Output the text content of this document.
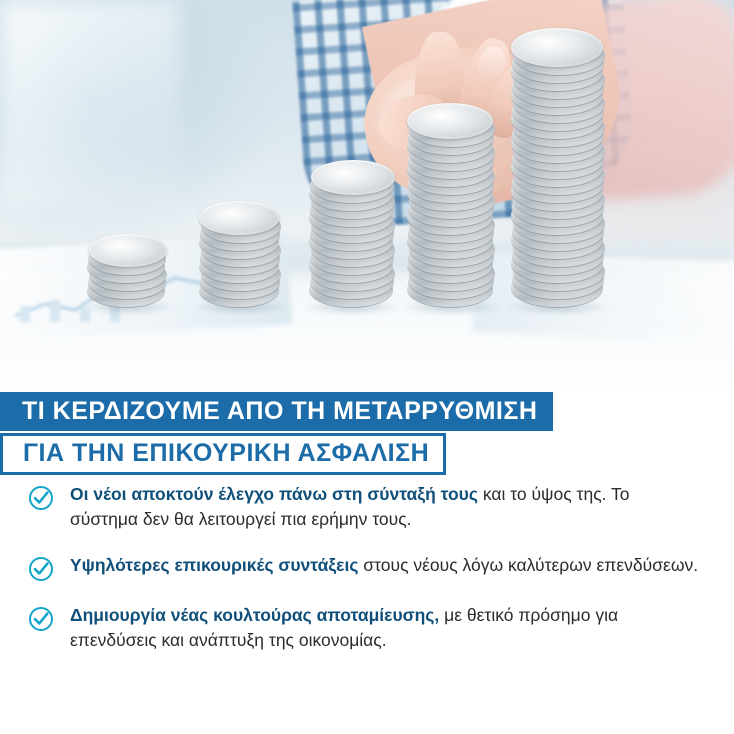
ΤΙ ΚΕΡΔΙΖΟΥΜΕ ΑΠΟ ΤΗ ΜΕΤΑΡΡΥΘΜΙΣΗ
ΓΙΑ ΤΗΝ ΕΠΙΚΟΥΡΙΚΗ ΑΣΦΑΛΙΣΗ
Οι νέοι αποκτούν έλεγχο πάνω στη σύνταξή τους και το ύψος της. Το σύστημα δεν θα λειτουργεί πια ερήμην τους.
Υψηλότερες επικουρικές συντάξεις στους νέους λόγω καλύτερων επενδύσεων.
Δημιουργία νέας κουλτούρας αποταμίευσης, με θετικό πρόσημο για επενδύσεις και ανάπτυξη της οικονομίας.
